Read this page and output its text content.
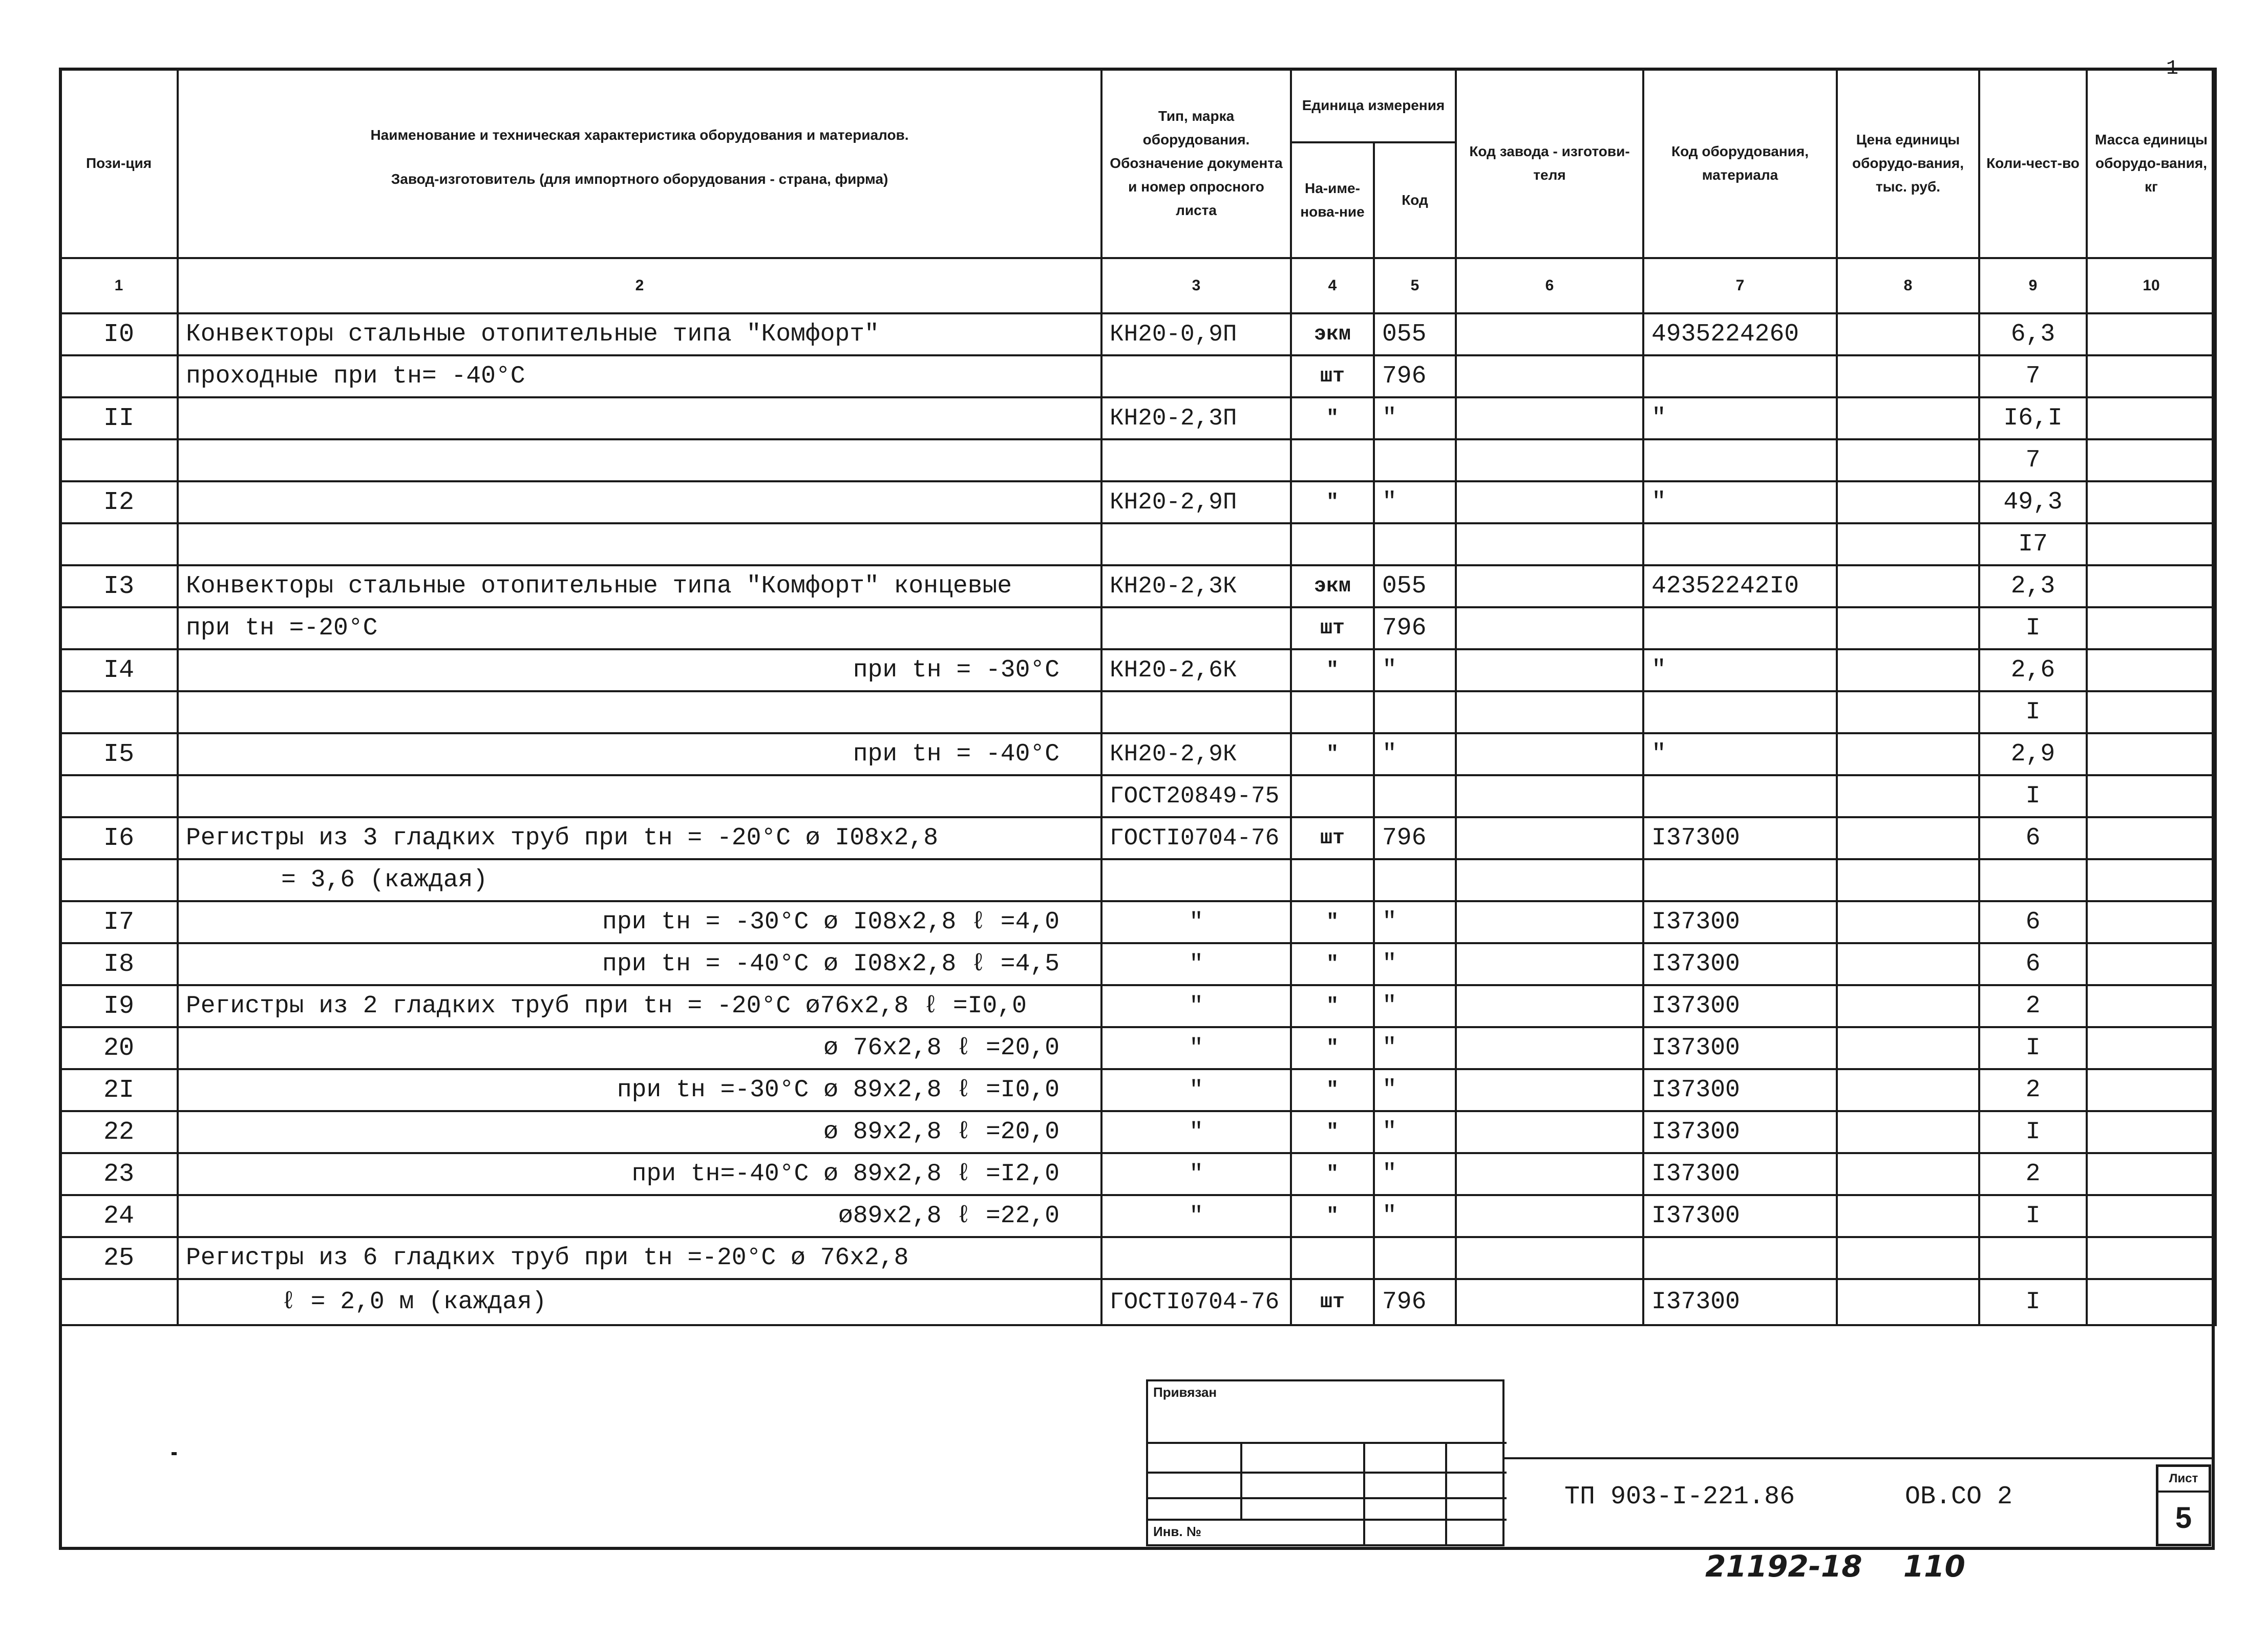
1
Пози-ция	Наименование и техническая характеристика оборудования и материалов.
Завод-изготовитель (для импортного оборудования - страна, фирма)	Тип, марка оборудования. Обозначение документа и номер опросного листа	Единица измерения		Код завода - изготови-теля	Код оборудования, материала	Цена единицы оборудо-вания, тыс. руб.	Коли-чест-во	Масса единицы оборудо-вания, кг
			На-име-нова-ние	Код					
1	2	3	4	5	6	7	8	9	10
I0	Конвекторы стальные отопительные типа "Комфорт"	КН20-0,9П	экм	055		4935224260		6,3	
	проходные при tн= -40°С		шт	796				7	
II		КН20-2,3П	"	"		"		I6,I	
								7	
I2		КН20-2,9П	"	"		"		49,3	
								I7	
I3	Конвекторы стальные отопительные типа "Комфорт" концевые	КН20-2,3К	экм	055		42352242I0		2,3	
	при tн =-20°С		шт	796				I	
I4	при tн = -30°С	КН20-2,6К	"	"		"		2,6	
								I	
I5	при tн = -40°С	КН20-2,9К	"	"		"		2,9	
		ГОСТ20849-75						I	
I6	Регистры из 3 гладких труб при tн = -20°С ø I08х2,8	ГОСТI0704-76	шт	796		I37300		6	
	= 3,6 (каждая)								
I7	при tн = -30°С ø I08х2,8 ℓ =4,0	"	"	"		I37300		6	
I8	при tн = -40°С ø I08х2,8 ℓ =4,5	"	"	"		I37300		6	
I9	Регистры из 2 гладких труб при tн = -20°С ø76х2,8 ℓ =I0,0	"	"	"		I37300		2	
20	ø 76х2,8 ℓ =20,0	"	"	"		I37300		I	
2I	при tн =-30°С ø 89х2,8 ℓ =I0,0	"	"	"		I37300		2	
22	ø 89х2,8 ℓ =20,0	"	"	"		I37300		I	
23	при tн=-40°С ø 89х2,8 ℓ =I2,0	"	"	"		I37300		2	
24	ø89х2,8 ℓ =22,0	"	"	"		I37300		I	
25	Регистры из 6 гладких труб при tн =-20°С ø 76х2,8								
	ℓ = 2,0 м (каждая)	ГОСТI0704-76	шт	796		I37300		I	

Привязан
Инв. №
ТП 903-I-221.86	ОВ.СО 2
Лист
5
21192-18 110
